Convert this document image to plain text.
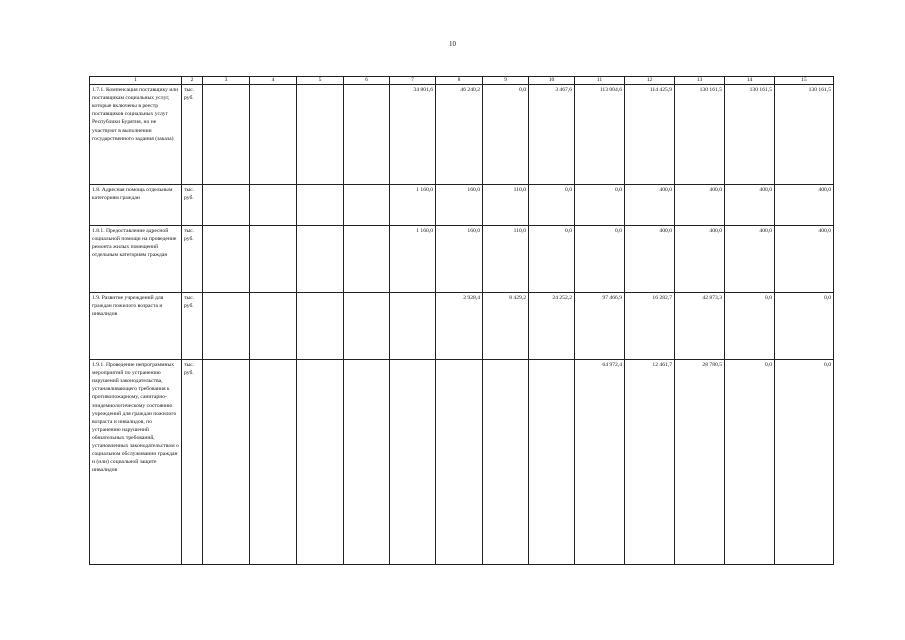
10
1	2	3	4	5	6	7	8	9	10	11	12	13	14	15
1.7.1. Компенсация поставщику или поставщикам социальных услуг, которые включены в реестр поставщиков социальных услуг Республики Бурятия, но не участвуют в выполнении государственного задания (заказа)	тыс. руб.					34 801,6	46 240,2	0,0	3 467,6	113 004,6	114 425,9	130 161,5	130 161,5	130 161,5
1.8. Адресная помощь отдельным категориям граждан	тыс. руб.					1 160,0	160,0	110,0	0,0	0,0	400,0	400,0	400,0	400,0
1.8.1. Предоставление адресной социальной помощи на проведение ремонта жилых помещений отдельным категориям граждан	тыс. руб.					1 160,0	160,0	110,0	0,0	0,0	400,0	400,0	400,0	400,0
1.9. Развитие учреждений для граждан пожилого возраста и инвалидов	тыс. руб.						2 928,4	8 429,2	24 252,2	97 466,9	16 282,7	42 873,3	0,0	0,0
1.9.1. Проведение непрограммных мероприятий по устранению нарушений законодательства, устанавливающего требования к противопожарному, санитарно-эпидемиологическому состоянию учреждений для граждан пожилого возраста и инвалидов, по устранению нарушений обязательных требований, установленных законодательством о социальном обслуживании граждан и (или) социальной защите инвалидов	тыс. руб.									64 972,4	12 461,7	28 780,5	0,0	0,0
